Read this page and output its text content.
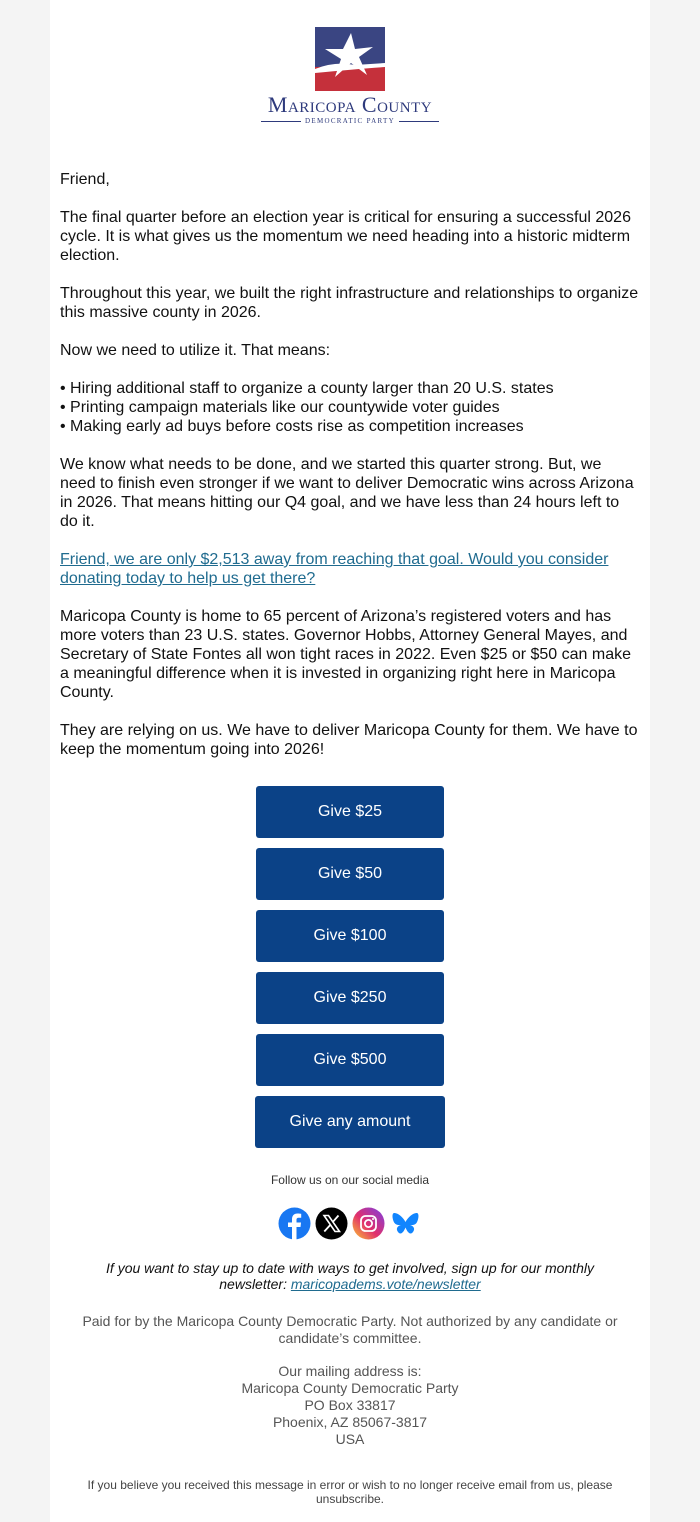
Maricopa County
DEMOCRATIC PARTY

Friend,

The final quarter before an election year is critical for ensuring a successful 2026 cycle. It is what gives us the momentum we need heading into a historic midterm election.

Throughout this year, we built the right infrastructure and relationships to organize this massive county in 2026.

Now we need to utilize it. That means:

• Hiring additional staff to organize a county larger than 20 U.S. states
• Printing campaign materials like our countywide voter guides
• Making early ad buys before costs rise as competition increases

We know what needs to be done, and we started this quarter strong. But, we need to finish even stronger if we want to deliver Democratic wins across Arizona in 2026. That means hitting our Q4 goal, and we have less than 24 hours left to do it.

Friend, we are only $2,513 away from reaching that goal. Would you consider donating today to help us get there?

Maricopa County is home to 65 percent of Arizona’s registered voters and has more voters than 23 U.S. states. Governor Hobbs, Attorney General Mayes, and Secretary of State Fontes all won tight races in 2022. Even $25 or $50 can make a meaningful difference when it is invested in organizing right here in Maricopa County.

They are relying on us. We have to deliver Maricopa County for them. We have to keep the momentum going into 2026!

Give $25
Give $50
Give $100
Give $250
Give $500
Give any amount
Follow us on our social media
If you want to stay up to date with ways to get involved, sign up for our monthly newsletter: maricopadems.vote/newsletter
Paid for by the Maricopa County Democratic Party. Not authorized by any candidate or candidate’s committee.
Our mailing address is:
Maricopa County Democratic Party
PO Box 33817
Phoenix, AZ 85067-3817
USA
If you believe you received this message in error or wish to no longer receive email from us, please unsubscribe.
